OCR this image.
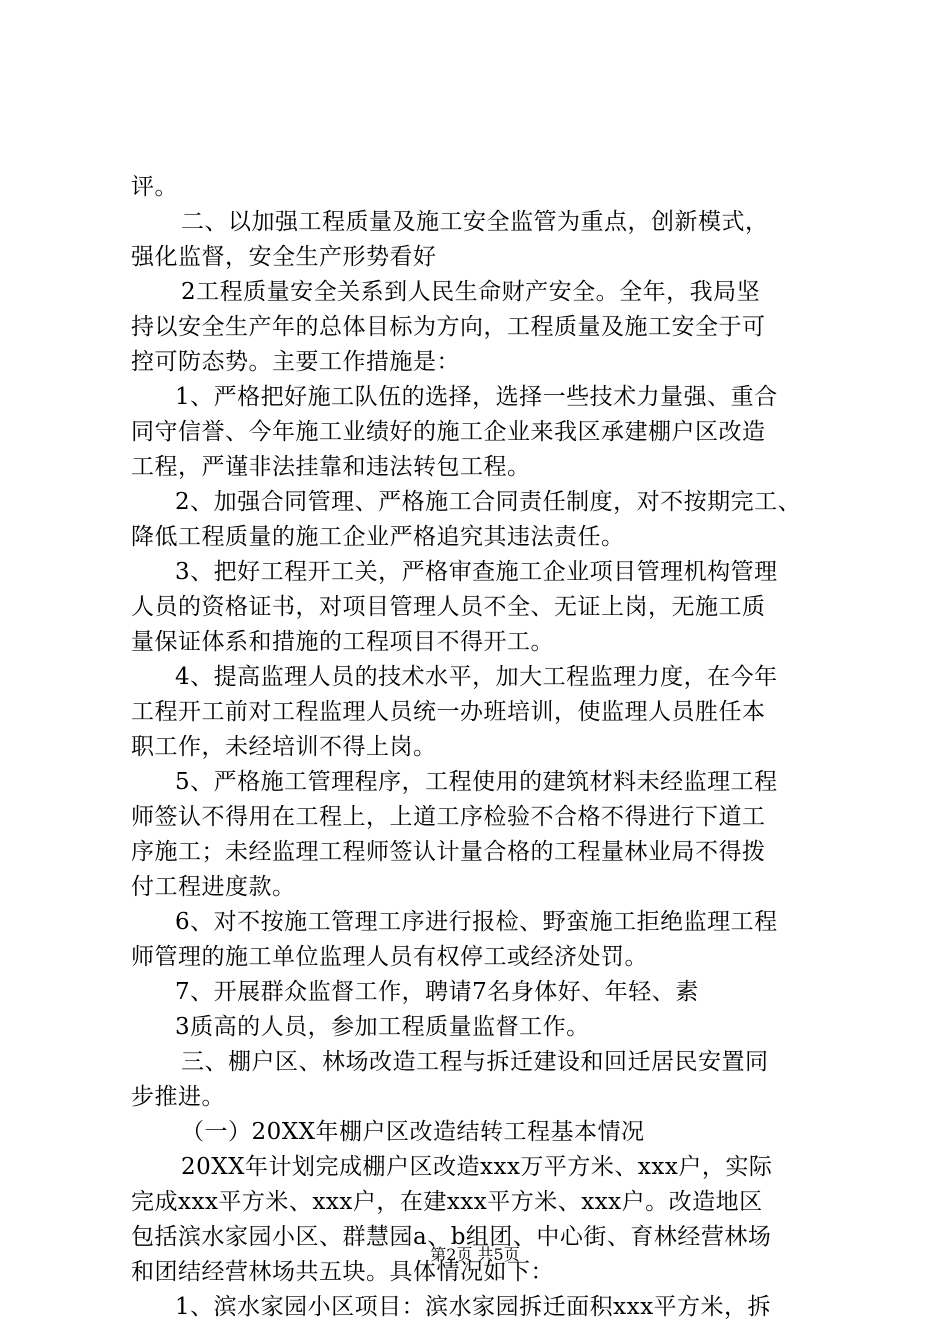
评。
二、以加强工程质量及施工安全监管为重点，创新模式，
强化监督，安全生产形势看好
2工程质量安全关系到人民生命财产安全。全年，我局坚
持以安全生产年的总体目标为方向，工程质量及施工安全于可
控可防态势。主要工作措施是：
1、严格把好施工队伍的选择，选择一些技术力量强、重合
同守信誉、今年施工业绩好的施工企业来我区承建棚户区改造
工程，严谨非法挂靠和违法转包工程。
2、加强合同管理、严格施工合同责任制度，对不按期完工、
降低工程质量的施工企业严格追究其违法责任。
3、把好工程开工关，严格审查施工企业项目管理机构管理
人员的资格证书，对项目管理人员不全、无证上岗，无施工质
量保证体系和措施的工程项目不得开工。
4、提高监理人员的技术水平，加大工程监理力度，在今年
工程开工前对工程监理人员统一办班培训，使监理人员胜任本
职工作，未经培训不得上岗。
5、严格施工管理程序，工程使用的建筑材料未经监理工程
师签认不得用在工程上，上道工序检验不合格不得进行下道工
序施工；未经监理工程师签认计量合格的工程量林业局不得拨
付工程进度款。
6、对不按施工管理工序进行报检、野蛮施工拒绝监理工程
师管理的施工单位监理人员有权停工或经济处罚。
7、开展群众监督工作，聘请7名身体好、年轻、素
3质高的人员，参加工程质量监督工作。
三、棚户区、林场改造工程与拆迁建设和回迁居民安置同
步推进。
（一）20XX年棚户区改造结转工程基本情况
20XX年计划完成棚户区改造xxx万平方米、xxx户，实际
完成xxx平方米、xxx户，在建xxx平方米、xxx户。改造地区
包括滨水家园小区、群慧园a、b组团、中心街、育林经营林场
和团结经营林场共五块。具体情况如下：
1、滨水家园小区项目：滨水家园拆迁面积xxx平方米，拆
第2页 共5页
